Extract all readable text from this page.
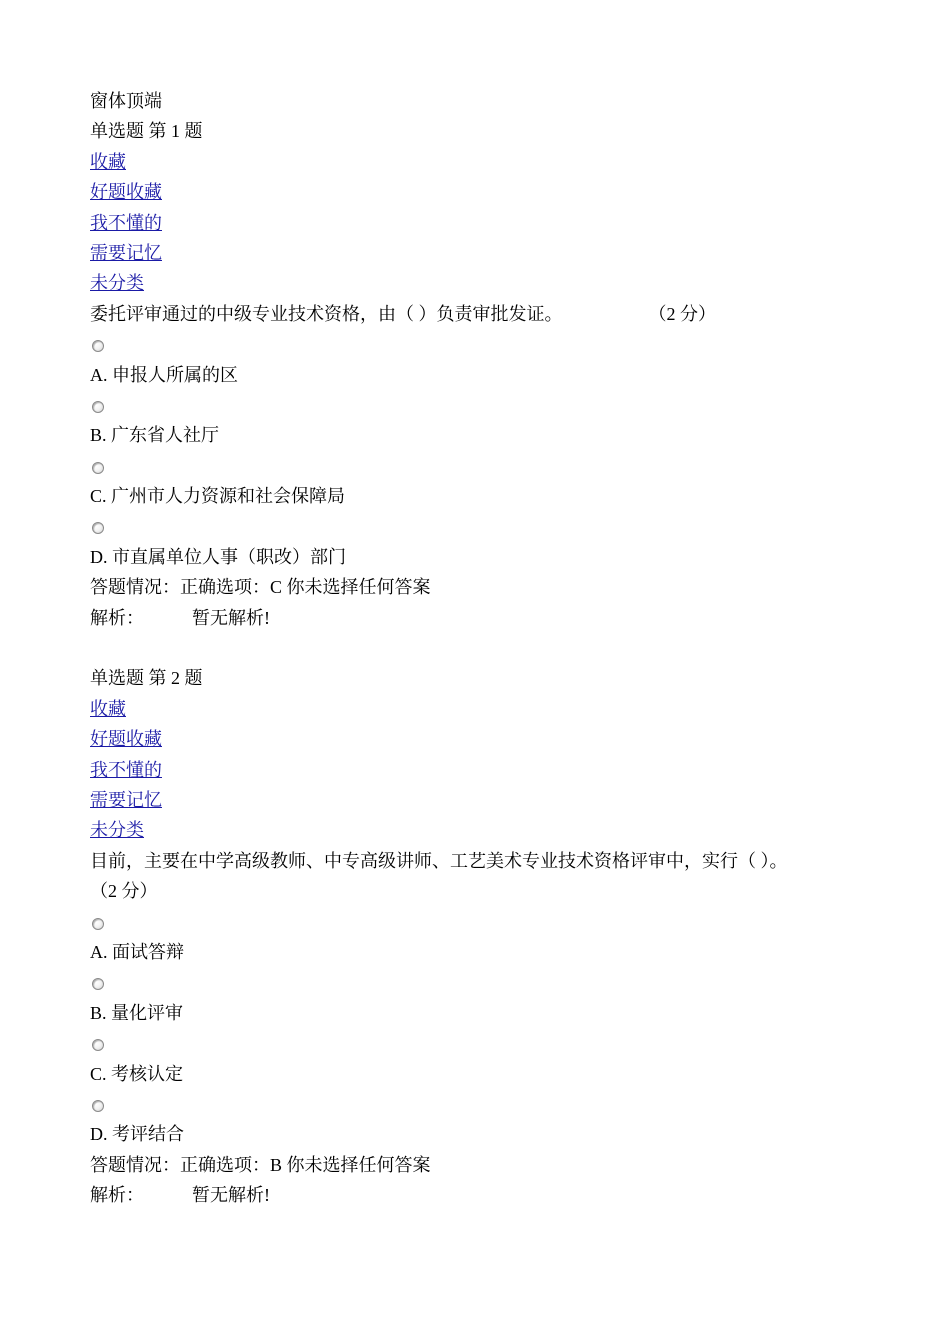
窗体顶端
单选题 第 1 题
收藏
好题收藏
我不懂的
需要记忆
未分类
委托评审通过的中级专业技术资格，由（ ）负责审批发证。	（2 分）
A. 申报人所属的区
B. 广东省人社厅
C. 广州市人力资源和社会保障局
D. 市直属单位人事（职改）部门
答题情况：正确选项：C 你未选择任何答案
解析：	暂无解析!
单选题 第 2 题
收藏
好题收藏
我不懂的
需要记忆
未分类
目前，主要在中学高级教师、中专高级讲师、工艺美术专业技术资格评审中，实行（ ）。
（2 分）
A. 面试答辩
B. 量化评审
C. 考核认定
D. 考评结合
答题情况：正确选项：B 你未选择任何答案
解析：	暂无解析!
